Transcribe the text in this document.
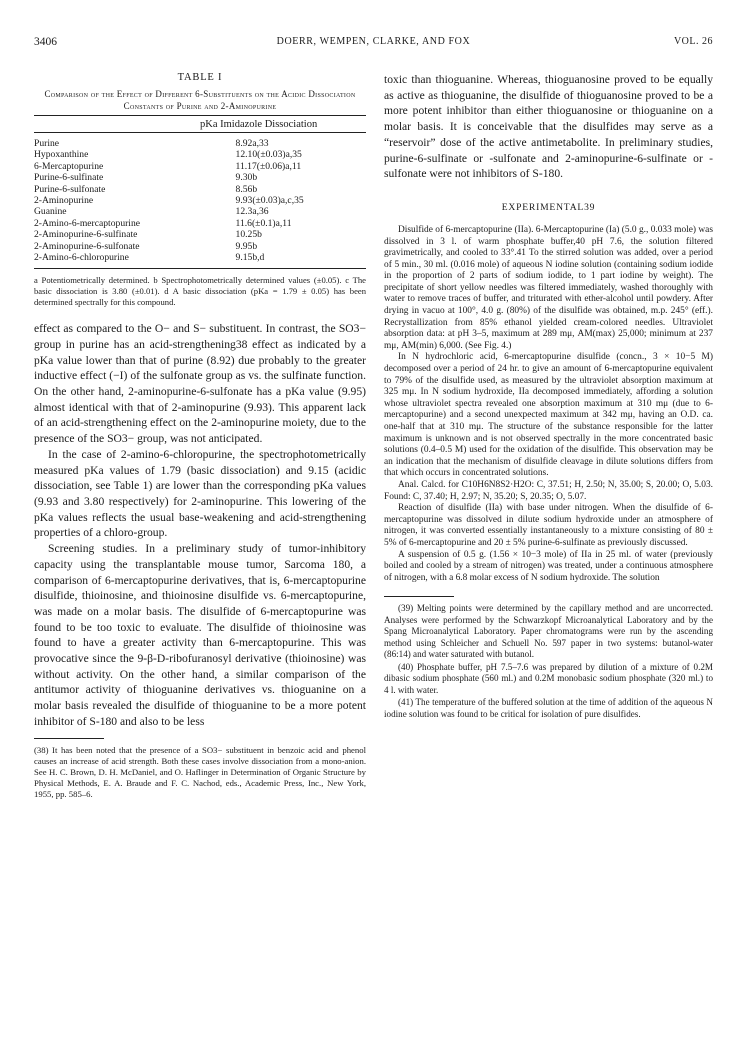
3406	DOERR, WEMPEN, CLARKE, AND FOX	VOL. 26
TABLE I
Comparison of the Effect of Different 6-Substituents on the Acidic Dissociation Constants of Purine and 2-Aminopurine
pKa Imidazole Dissociation	
Purine	8.92a,33
Hypoxanthine	12.10(±0.03)a,35
6-Mercaptopurine	11.17(±0.06)a,11
Purine-6-sulfinate	9.30b
Purine-6-sulfonate	8.56b
2-Aminopurine	9.93(±0.03)a,c,35
Guanine	12.3a,36
2-Amino-6-mercaptopurine	11.6(±0.1)a,11
2-Aminopurine-6-sulfinate	10.25b
2-Aminopurine-6-sulfonate	9.95b
2-Amino-6-chloropurine	9.15b,d
a Potentiometrically determined. b Spectrophotometrically determined values (±0.05). c The basic dissociation is 3.80 (±0.01). d A basic dissociation (pKa = 1.79 ± 0.05) has been determined spectrally for this compound.

effect as compared to the O− and S− substituent. In contrast, the SO3− group in purine has an acid-strengthening38 effect as indicated by a pKa value lower than that of purine (8.92) due probably to the greater inductive effect (−I) of the sulfonate group as vs. the sulfinate function. On the other hand, 2-aminopurine-6-sulfonate has a pKa value (9.95) almost identical with that of 2-aminopurine (9.93). This apparent lack of an acid-strengthening effect on the 2-aminopurine moiety, due to the presence of the SO3− group, was not anticipated.

In the case of 2-amino-6-chloropurine, the spectrophotometrically measured pKa values of 1.79 (basic dissociation) and 9.15 (acidic dissociation, see Table 1) are lower than the corresponding pKa values (9.93 and 3.80 respectively) for 2-aminopurine. This lowering of the pKa values reflects the usual base-weakening and acid-strengthening properties of a chloro-group.

Screening studies. In a preliminary study of tumor-inhibitory capacity using the transplantable mouse tumor, Sarcoma 180, a comparison of 6-mercaptopurine derivatives, that is, 6-mercaptopurine disulfide, thioinosine, and thioinosine disulfide vs. 6-mercaptopurine, was made on a molar basis. The disulfide of 6-mercaptopurine was found to be too toxic to evaluate. The disulfide of thioinosine was found to have a greater activity than 6-mercaptopurine. This was provocative since the 9-β-D-ribofuranosyl derivative (thioinosine) was without activity. On the other hand, a similar comparison of the antitumor activity of thioguanine derivatives vs. thioguanine on a molar basis revealed the disulfide of thioguanine to be a more potent inhibitor of S-180 and also to be less

(38) It has been noted that the presence of a SO3− substituent in benzoic acid and phenol causes an increase of acid strength. Both these cases involve dissociation from a mono-anion. See H. C. Brown, D. H. McDaniel, and O. Haflinger in Determination of Organic Structure by Physical Methods, E. A. Braude and F. C. Nachod, eds., Academic Press, Inc., New York, 1955, pp. 585–6.
toxic than thioguanine. Whereas, thioguanosine proved to be equally as active as thioguanine, the disulfide of thioguanosine proved to be a more potent inhibitor than either thioguanosine or thioguanine on a molar basis. It is conceivable that the disulfides may serve as a “reservoir” dose of the active antimetabolite. In preliminary studies, purine-6-sulfinate or -sulfonate and 2-aminopurine-6-sulfinate or -sulfonate were not inhibitors of S-180.
EXPERIMENTAL39

Disulfide of 6-mercaptopurine (IIa). 6-Mercaptopurine (Ia) (5.0 g., 0.033 mole) was dissolved in 3 l. of warm phosphate buffer,40 pH 7.6, the solution filtered gravimetrically, and cooled to 33°.41 To the stirred solution was added, over a period of 5 min., 30 ml. (0.016 mole) of aqueous N iodine solution (containing sodium iodide in the proportion of 2 parts of sodium iodide, to 1 part iodine by weight). The precipitate of short yellow needles was filtered immediately, washed thoroughly with water to remove traces of buffer, and triturated with ether-alcohol until powdery. After drying in vacuo at 100°, 4.0 g. (80%) of the disulfide was obtained, m.p. 245° (eff.). Recrystallization from 85% ethanol yielded cream-colored needles. Ultraviolet absorption data: at pH 3–5, maximum at 289 mμ, AM(max) 25,000; minimum at 237 mμ, AM(min) 6,000. (See Fig. 4.)

In N hydrochloric acid, 6-mercaptopurine disulfide (concn., 3 × 10−5 M) decomposed over a period of 24 hr. to give an amount of 6-mercaptopurine equivalent to 79% of the disulfide used, as measured by the ultraviolet absorption maximum at 325 mμ. In N sodium hydroxide, IIa decomposed immediately, affording a solution whose ultraviolet spectra revealed one absorption maximum at 310 mμ (due to 6-mercaptopurine) and a second unexpected maximum at 342 mμ, having an O.D. ca. one-half that at 310 mμ. The structure of the substance responsible for the latter maximum is unknown and is not observed spectrally in the more concentrated basic solutions (0.4–0.5 M) used for the oxidation of the disulfide. This observation may be an indication that the mechanism of disulfide cleavage in dilute solutions differs from that which occurs in concentrated solutions.

Anal. Calcd. for C10H6N8S2·H2O: C, 37.51; H, 2.50; N, 35.00; S, 20.00; O, 5.03. Found: C, 37.40; H, 2.97; N, 35.20; S, 20.35; O, 5.07.

Reaction of disulfide (IIa) with base under nitrogen. When the disulfide of 6-mercaptopurine was dissolved in dilute sodium hydroxide under an atmosphere of nitrogen, it was converted essentially instantaneously to a mixture consisting of 80 ± 5% of 6-mercaptopurine and 20 ± 5% purine-6-sulfinate as previously discussed.

A suspension of 0.5 g. (1.56 × 10−3 mole) of IIa in 25 ml. of water (previously boiled and cooled by a stream of nitrogen) was treated, under a continuous atmosphere of nitrogen, with a 6.8 molar excess of N sodium hydroxide. The solution

(39) Melting points were determined by the capillary method and are uncorrected. Analyses were performed by the Schwarzkopf Microanalytical Laboratory and by the Spang Microanalytical Laboratory. Paper chromatograms were run by the ascending method using Schleicher and Schuell No. 597 paper in two systems: butanol-water (86:14) and water saturated with butanol.

(40) Phosphate buffer, pH 7.5–7.6 was prepared by dilution of a mixture of 0.2M dibasic sodium phosphate (560 ml.) and 0.2M monobasic sodium phosphate (320 ml.) to 4 l. with water.

(41) The temperature of the buffered solution at the time of addition of the aqueous N iodine solution was found to be critical for isolation of pure disulfides.
